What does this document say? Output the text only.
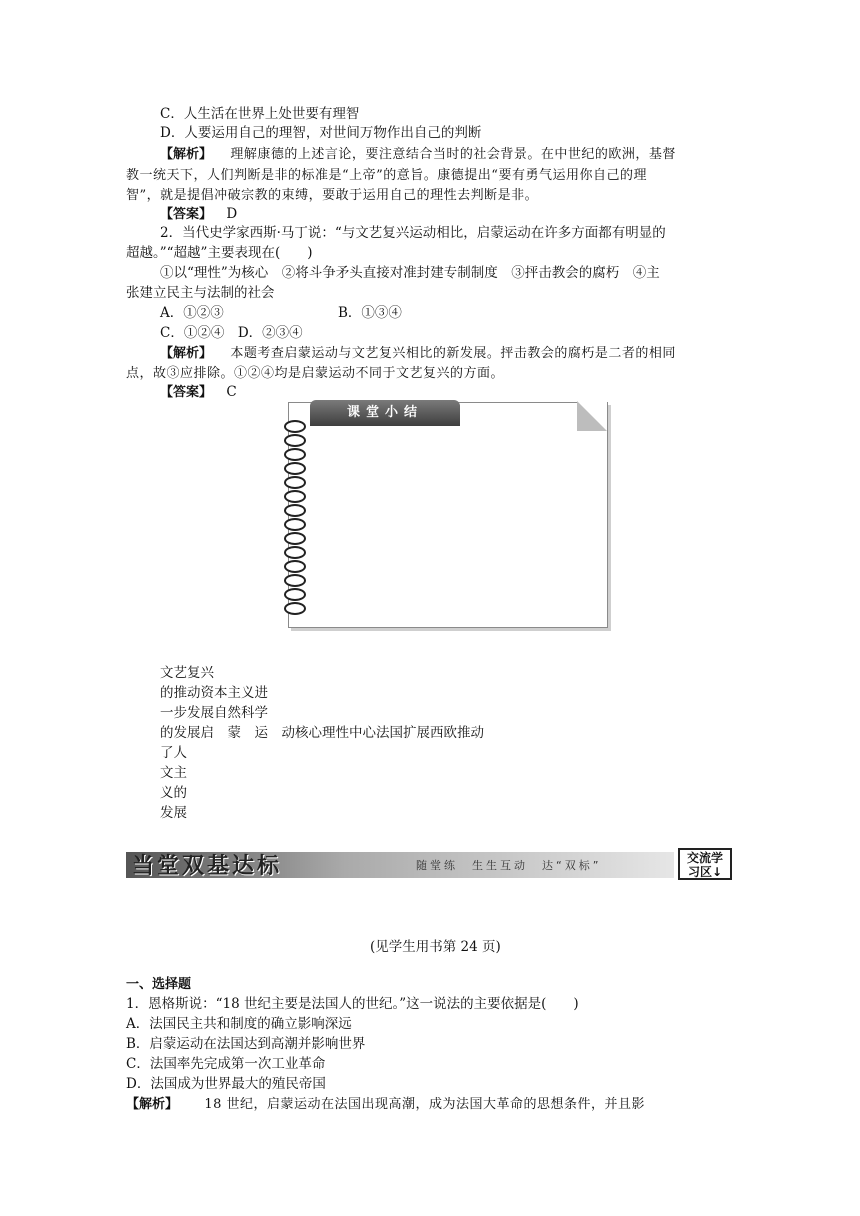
C．人生活在世界上处世要有理智
D．人要运用自己的理智，对世间万物作出自己的判断
【解析】 理解康德的上述言论，要注意结合当时的社会背景。在中世纪的欧洲，基督
教一统天下，人们判断是非的标准是“上帝”的意旨。康德提出“要有勇气运用你自己的理
智”，就是提倡冲破宗教的束缚，要敢于运用自己的理性去判断是非。
【答案】 D
2．当代史学家西斯·马丁说：“与文艺复兴运动相比，启蒙运动在许多方面都有明显的
超越。”“超越”主要表现在(　　)
①以“理性”为核心　②将斗争矛头直接对准封建专制制度　③抨击教会的腐朽　④主
张建立民主与法制的社会
A．①②③	B．①③④
C．①②④　D．②③④
【解析】 本题考查启蒙运动与文艺复兴相比的新发展。抨击教会的腐朽是二者的相同
点，故③应排除。①②④均是启蒙运动不同于文艺复兴的方面。
【答案】 C
课堂小结
文艺复兴
的推动资本主义进
一步发展自然科学
的发展启　蒙　运　动核心理性中心法国扩展西欧推动
了人
文主
义的
发展
当堂双基达标	随堂练　生生互动　达“双标”
交流学
习区↓
(见学生用书第 24 页)
一、选择题
1．恩格斯说：“18 世纪主要是法国人的世纪。”这一说法的主要依据是(　　)
A．法国民主共和制度的确立影响深远
B．启蒙运动在法国达到高潮并影响世界
C．法国率先完成第一次工业革命
D．法国成为世界最大的殖民帝国
【解析】 18 世纪，启蒙运动在法国出现高潮，成为法国大革命的思想条件，并且影
